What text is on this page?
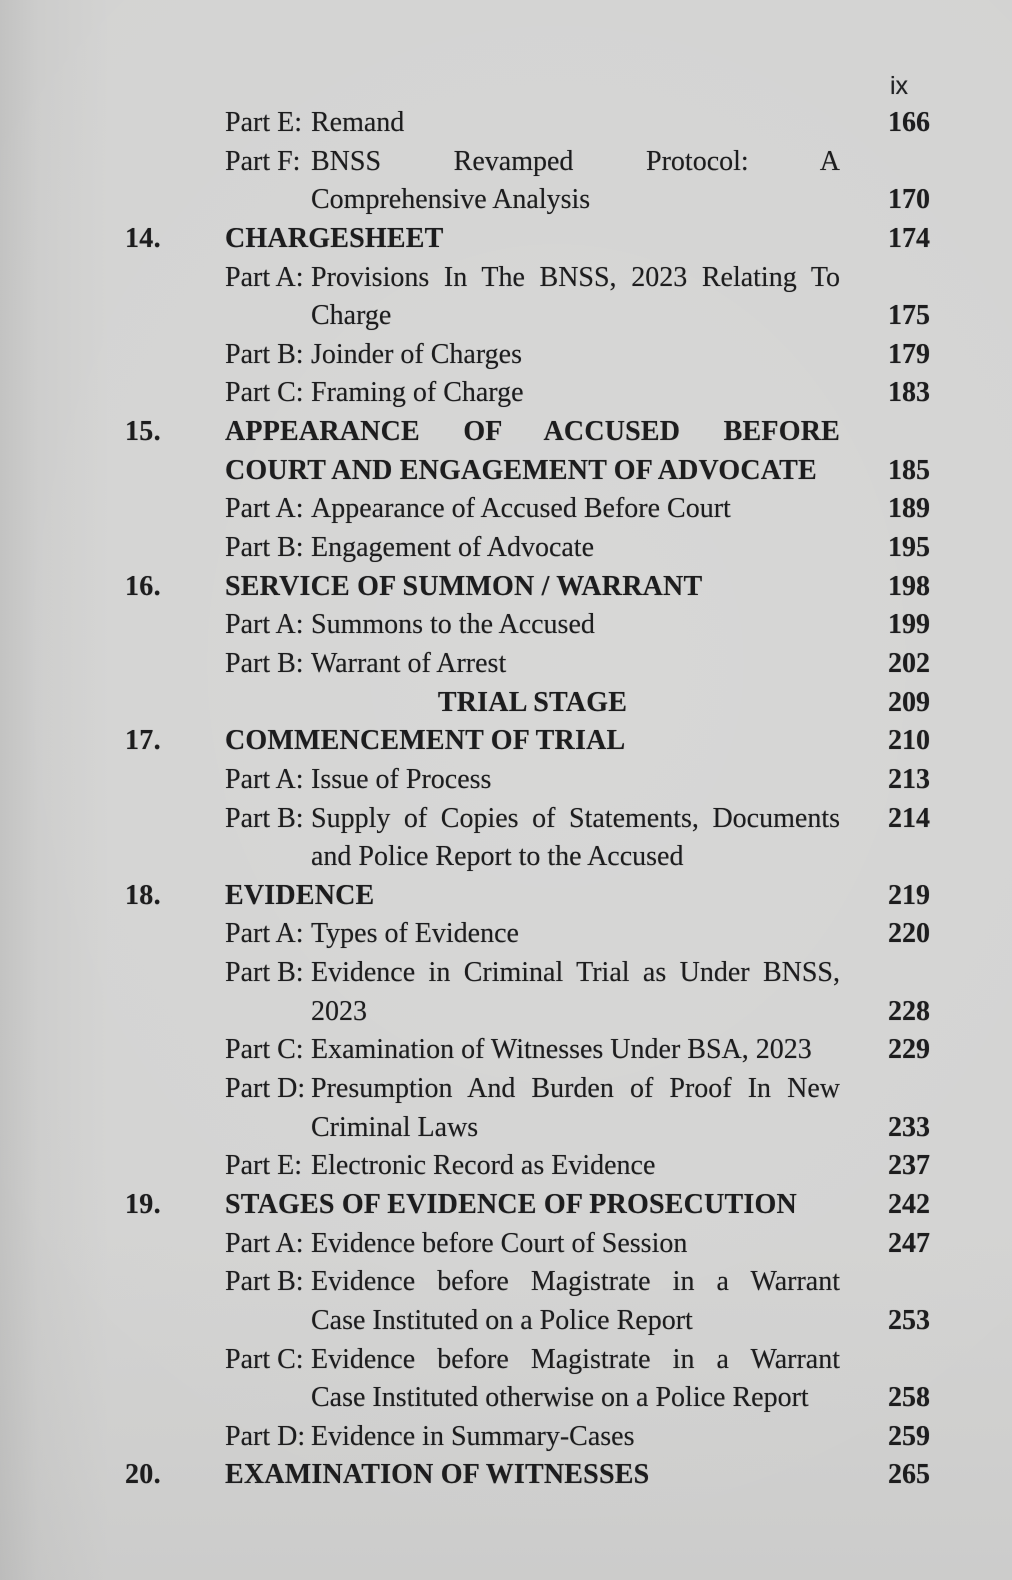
ix
Part E: Remand	166
Part F: BNSS Revamped Protocol: A
Comprehensive Analysis	170
14.	CHARGESHEET	174
Part A: Provisions In The BNSS, 2023 Relating To
Charge	175
Part B: Joinder of Charges	179
Part C: Framing of Charge	183
15.	APPEARANCE OF ACCUSED BEFORE
COURT AND ENGAGEMENT OF ADVOCATE	185
Part A: Appearance of Accused Before Court	189
Part B: Engagement of Advocate	195
16.	SERVICE OF SUMMON / WARRANT	198
Part A: Summons to the Accused	199
Part B: Warrant of Arrest	202
TRIAL STAGE	209
17.	COMMENCEMENT OF TRIAL	210
Part A: Issue of Process	213
Part B: Supply of Copies of Statements, Documents	214
and Police Report to the Accused
18.	EVIDENCE	219
Part A: Types of Evidence	220
Part B: Evidence in Criminal Trial as Under BNSS,
2023	228
Part C: Examination of Witnesses Under BSA, 2023	229
Part D: Presumption And Burden of Proof In New
Criminal Laws	233
Part E: Electronic Record as Evidence	237
19.	STAGES OF EVIDENCE OF PROSECUTION	242
Part A: Evidence before Court of Session	247
Part B: Evidence before Magistrate in a Warrant
Case Instituted on a Police Report	253
Part C: Evidence before Magistrate in a Warrant
Case Instituted otherwise on a Police Report	258
Part D: Evidence in Summary-Cases	259
20.	EXAMINATION OF WITNESSES	265
